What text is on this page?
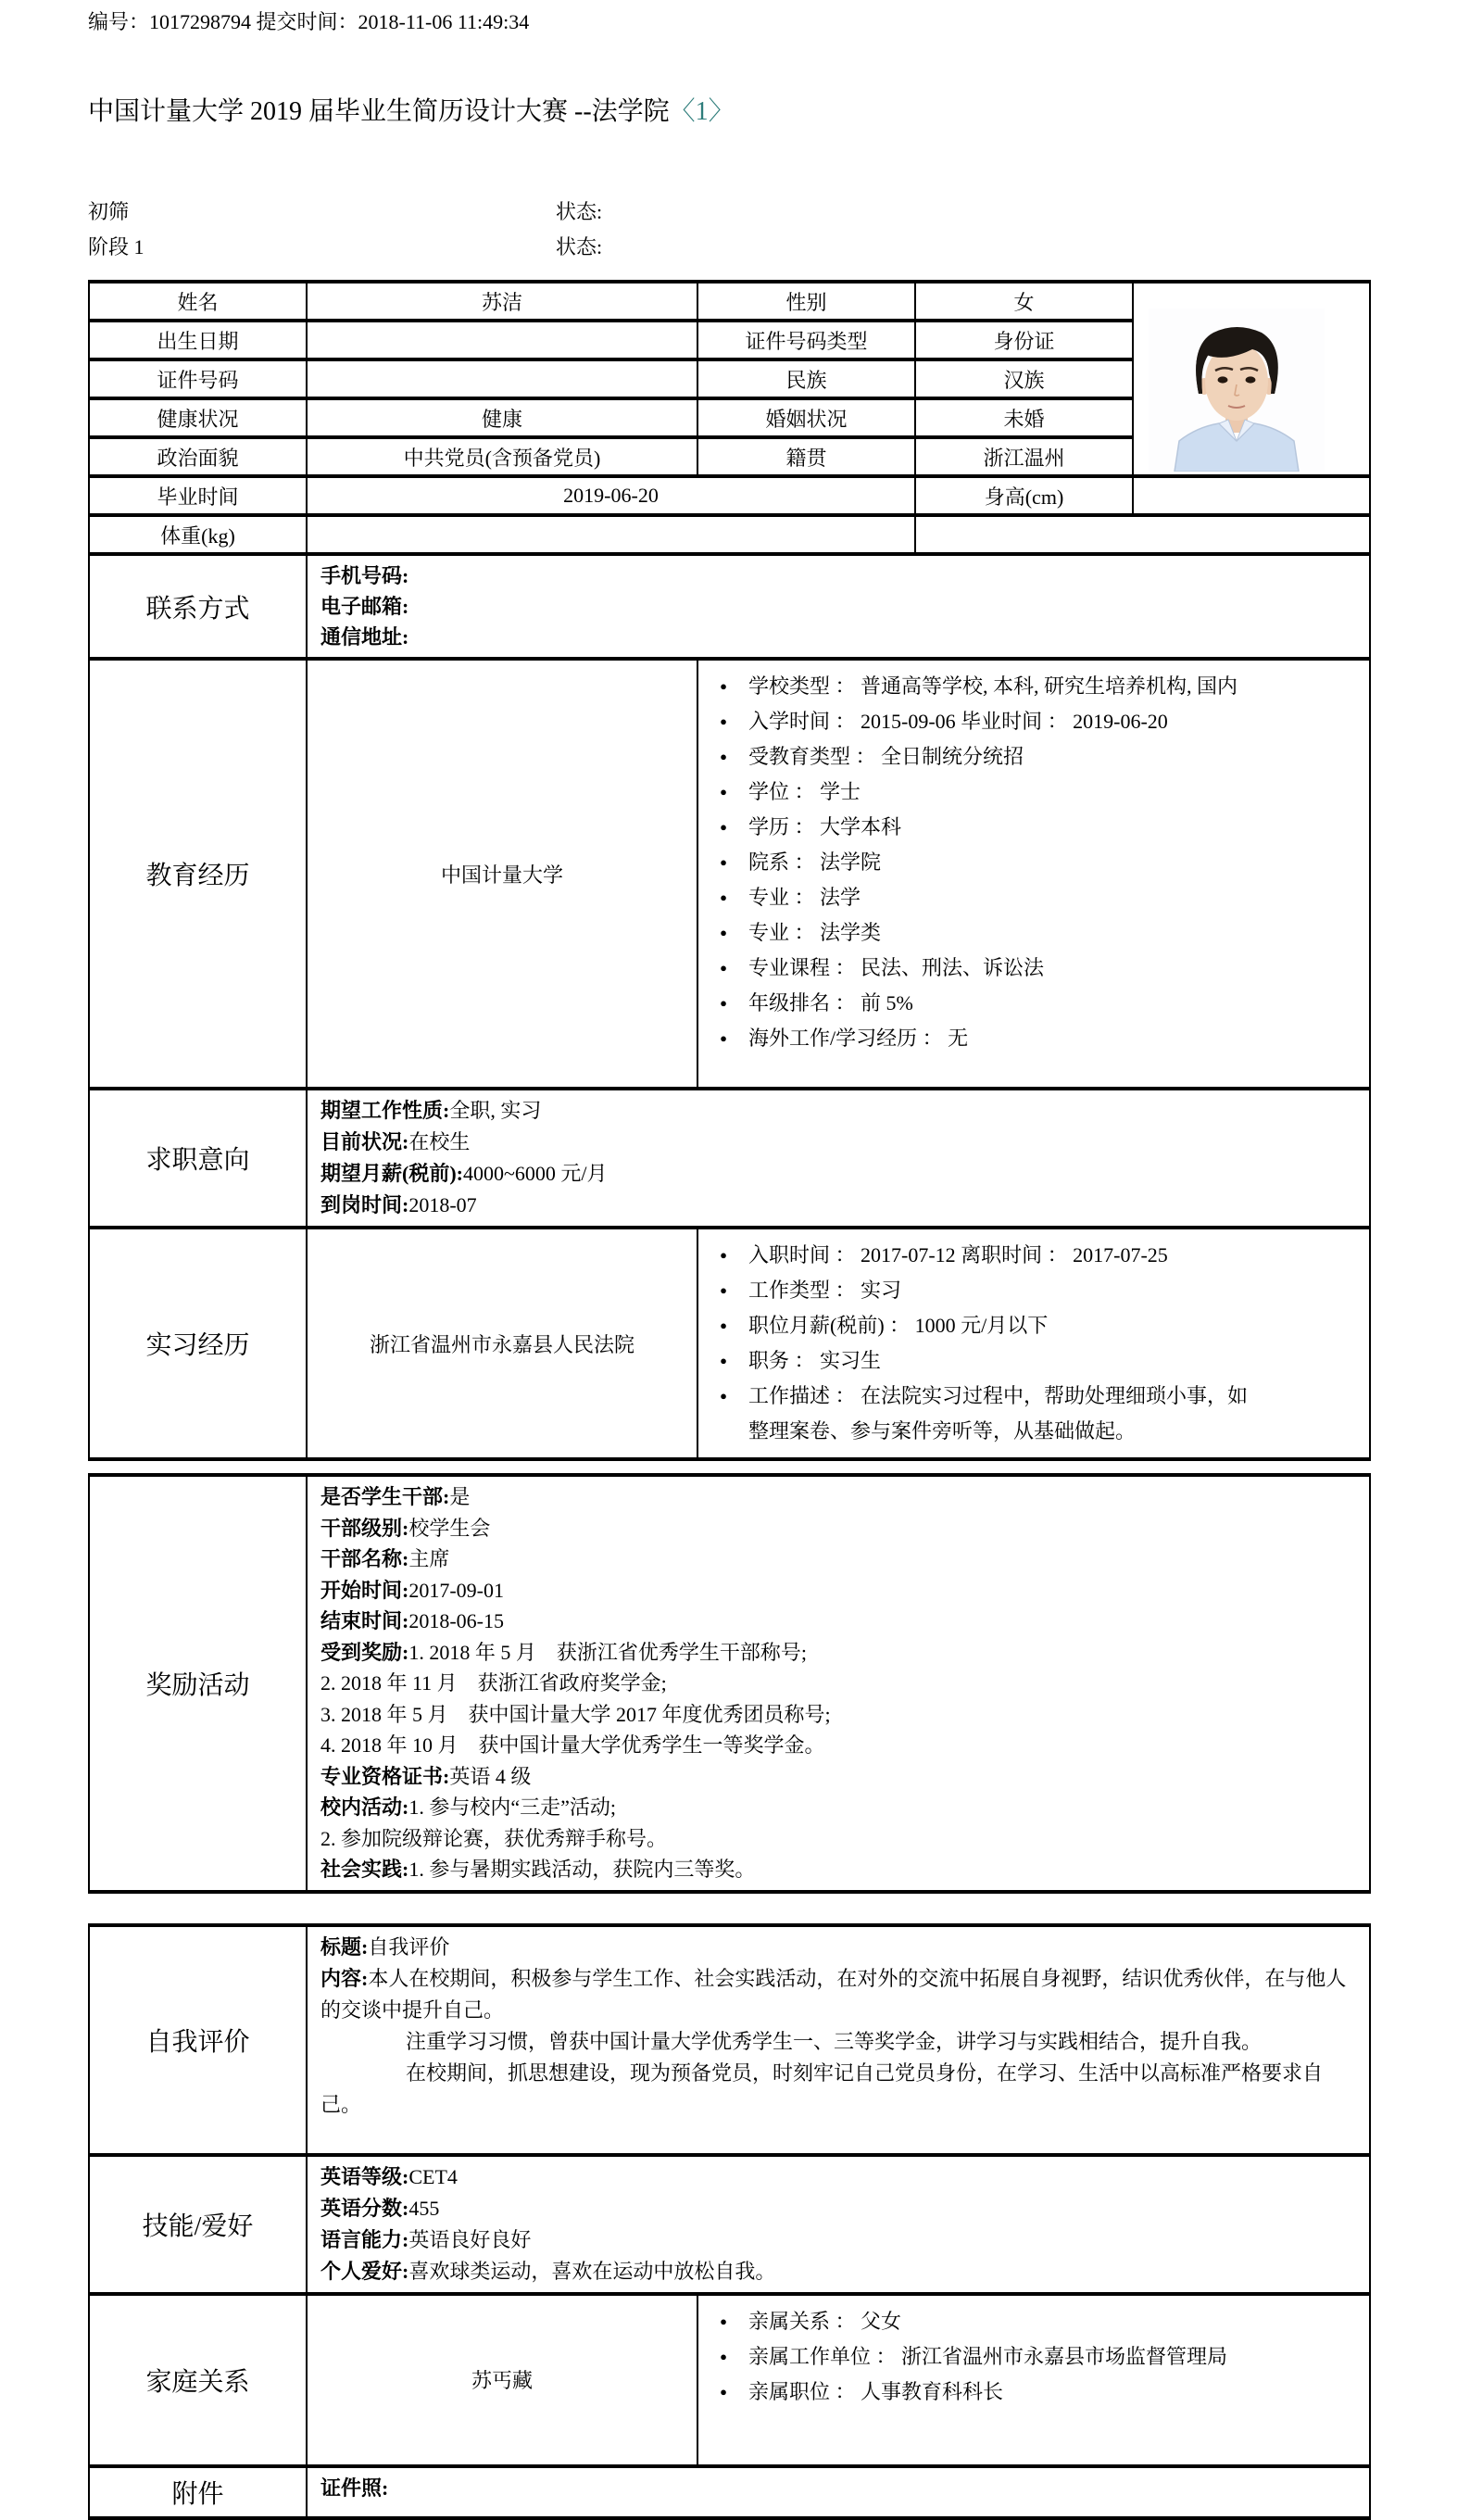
编号：1017298794 提交时间：2018-11-06 11:49:34
中国计量大学 2019 届毕业生简历设计大赛 --法学院〈1〉
初筛	状态:
阶段 1	状态:
姓名	苏洁	性别	女	

出生日期		证件号码类型	身份证	
证件号码		民族	汉族	
健康状况	健康	婚姻状况	未婚	
政治面貌	中共党员(含预备党员)	籍贯	浙江温州	
毕业时间	2019-06-20		身高(cm)	
体重(kg)				
联系方式	手机号码:

电子邮箱:

通信地址:			

教育经历	中国计量大学	
●	学校类型 ： 普通高等学校, 本科, 研究生培养机构, 国内
●	入学时间 ： 2015-09-06 毕业时间 ： 2019-06-20
●	受教育类型 ： 全日制统分统招
●	学位 ： 学士
●	学历 ： 大学本科
●	院系 ： 法学院
●	专业 ： 法学
●	专业 ： 法学类
●	专业课程 ： 民法、刑法、诉讼法
●	年级排名 ： 前 5%
●	海外工作/学习经历 ： 无

求职意向	期望工作性质:全职, 实习

目前状况:在校生

期望月薪(税前):4000~6000 元/月

到岗时间:2018-07			

实习经历	浙江省温州市永嘉县人民法院	
●	入职时间 ： 2017-07-12 离职时间 ： 2017-07-25
●	工作类型 ： 实习
●	职位月薪(税前) ： 1000 元/月以下
●	职务 ： 实习生
●	工作描述 ： 在法院实习过程中，帮助处理细琐小事，如整理案卷、参与案件旁听等，从基础做起。
奖励活动	

是否学生干部:是

干部级别:校学生会

干部名称:主席

开始时间:2017-09-01

结束时间:2018-06-15

受到奖励:1. 2018 年 5 月　获浙江省优秀学生干部称号;

2. 2018 年 11 月　获浙江省政府奖学金;

3. 2018 年 5 月　获中国计量大学 2017 年度优秀团员称号;

4. 2018 年 10 月　获中国计量大学优秀学生一等奖学金。

专业资格证书:英语 4 级

校内活动:1. 参与校内“三走”活动;

2. 参加院级辩论赛，获优秀辩手称号。

社会实践:1. 参与暑期实践活动，获院内三等奖。

自我评价	标题:自我评价

内容:本人在校期间，积极参与学生工作、社会实践活动，在对外的交流中拓展自身视野，结识优秀伙伴，在与他人的交谈中提升自己。

注重学习习惯，曾获中国计量大学优秀学生一、三等奖学金，讲学习与实践相结合，提升自我。

在校期间，抓思想建设，现为预备党员，时刻牢记自己党员身份，在学习、生活中以高标准严格要求自己。	

技能/爱好	英语等级:CET4

英语分数:455

语言能力:英语良好良好

个人爱好:喜欢球类运动，喜欢在运动中放松自我。	

家庭关系	苏丐藏	
●	亲属关系 ： 父女
●	亲属工作单位 ： 浙江省温州市永嘉县市场监督管理局
●	亲属职位 ： 人事教育科科长

附件	证件照:	
